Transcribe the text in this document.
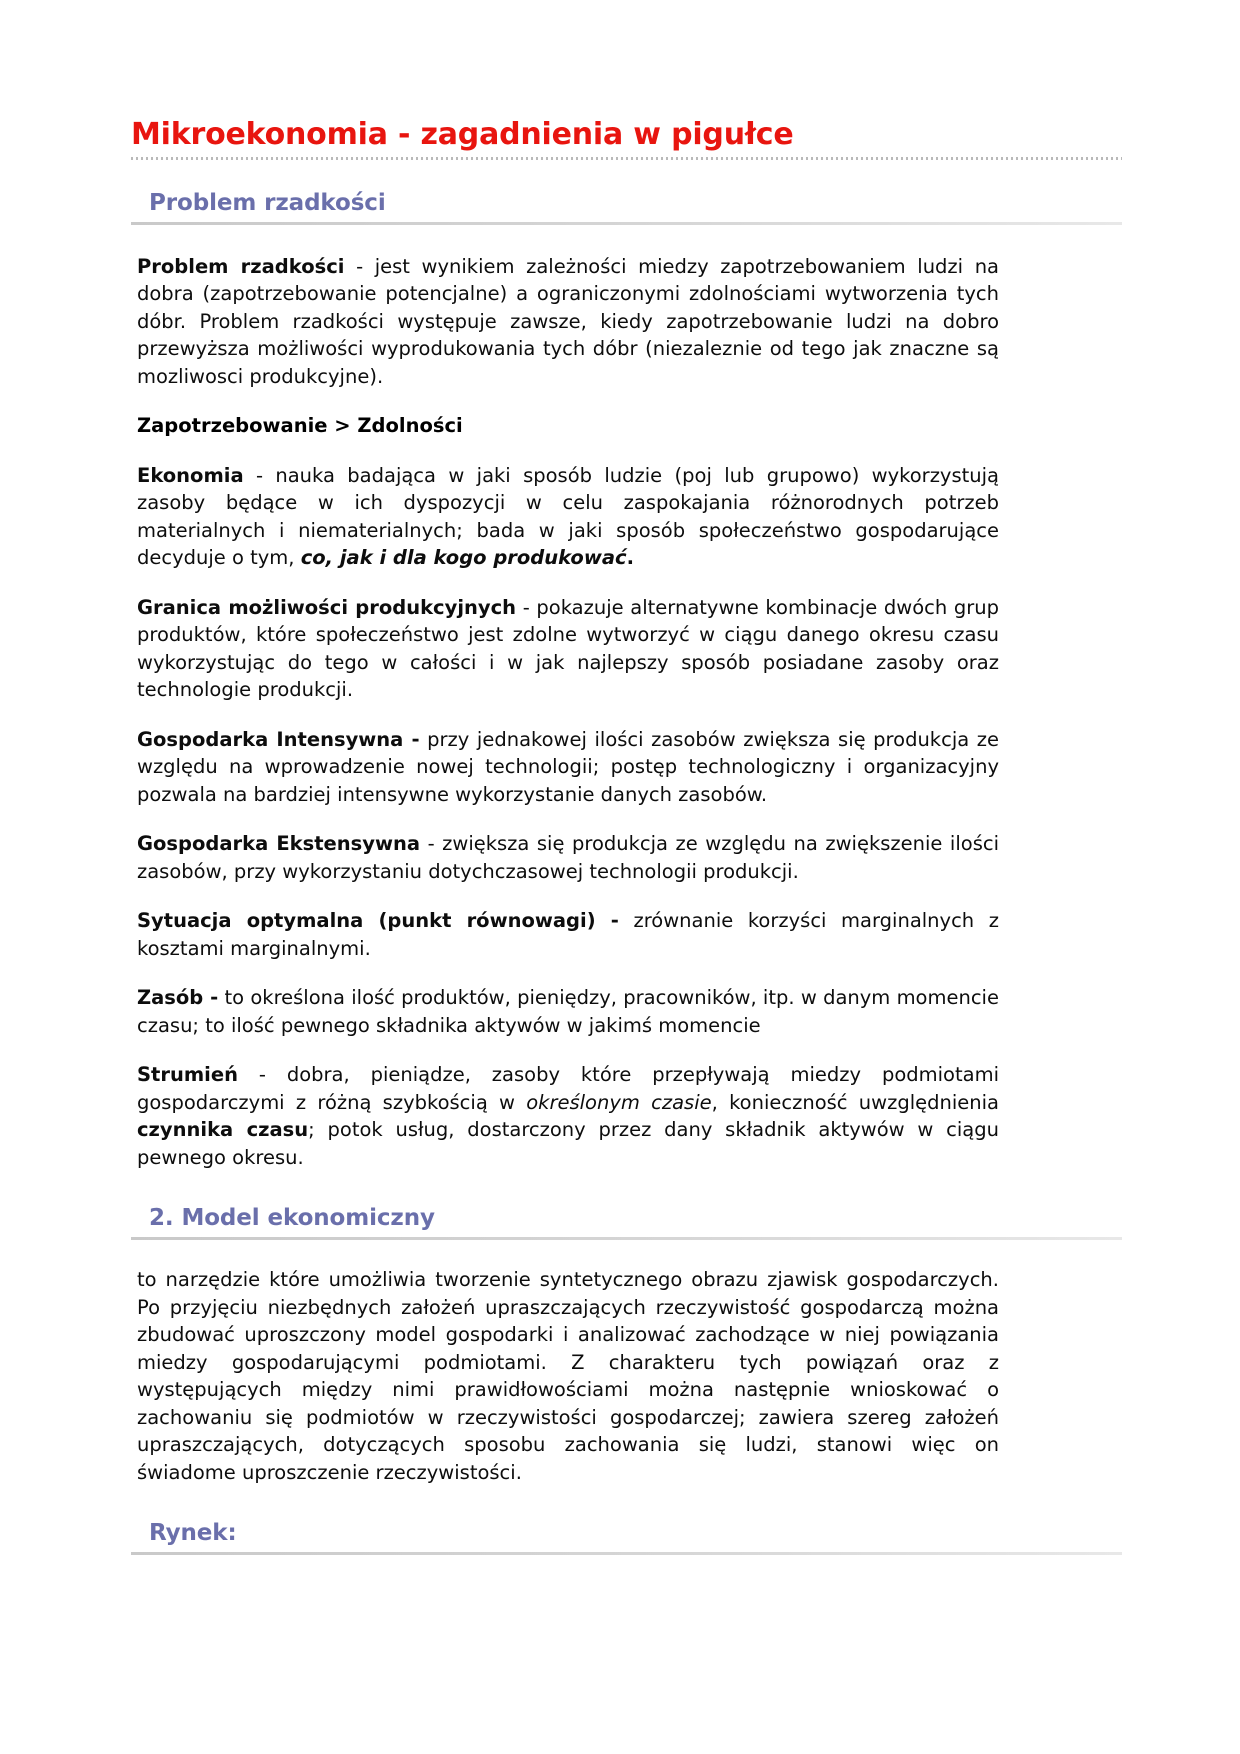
Mikroekonomia - zagadnienia w pigułce
Problem rzadkości

Problem rzadkości - jest wynikiem zależności miedzy zapotrzebowaniem ludzi na dobra (zapotrzebowanie potencjalne) a ograniczonymi zdolnościami wytworzenia tych dóbr. Problem rzadkości występuje zawsze, kiedy zapotrzebowanie ludzi na dobro przewyższa możliwości wyprodukowania tych dóbr (niezaleznie od tego jak znaczne są mozliwosci produkcyjne).

Zapotrzebowanie > Zdolności

Ekonomia - nauka badająca w jaki sposób ludzie (poj lub grupowo) wykorzystują zasoby będące w ich dyspozycji w celu zaspokajania różnorodnych potrzeb materialnych i niematerialnych; bada w jaki sposób społeczeństwo gospodarujące decyduje o tym, co, jak i dla kogo produkować.

Granica możliwości produkcyjnych - pokazuje alternatywne kombinacje dwóch grup produktów, które społeczeństwo jest zdolne wytworzyć w ciągu danego okresu czasu wykorzystując do tego w całości i w jak najlepszy sposób posiadane zasoby oraz technologie produkcji.

Gospodarka Intensywna - przy jednakowej ilości zasobów zwiększa się produkcja ze względu na wprowadzenie nowej technologii; postęp technologiczny i organizacyjny pozwala na bardziej intensywne wykorzystanie danych zasobów.

Gospodarka Ekstensywna - zwiększa się produkcja ze względu na zwiększenie ilości zasobów, przy wykorzystaniu dotychczasowej technologii produkcji.

Sytuacja optymalna (punkt równowagi) - zrównanie korzyści marginalnych z kosztami marginalnymi.

Zasób - to określona ilość produktów, pieniędzy, pracowników, itp. w danym momencie czasu; to ilość pewnego składnika aktywów w jakimś momencie

Strumień - dobra, pieniądze, zasoby które przepływają miedzy podmiotami gospodarczymi z różną szybkością w określonym czasie, konieczność uwzględnienia czynnika czasu; potok usług, dostarczony przez dany składnik aktywów w ciągu pewnego okresu.

2. Model ekonomiczny

to narzędzie które umożliwia tworzenie syntetycznego obrazu zjawisk gospodarczych. Po przyjęciu niezbędnych założeń upraszczających rzeczywistość gospodarczą można zbudować uproszczony model gospodarki i analizować zachodzące w niej powiązania miedzy gospodarującymi podmiotami. Z charakteru tych powiązań oraz z występujących między nimi prawidłowościami można następnie wnioskować o zachowaniu się podmiotów w rzeczywistości gospodarczej; zawiera szereg założeń upraszczających, dotyczących sposobu zachowania się ludzi, stanowi więc on świadome uproszczenie rzeczywistości.

Rynek:
